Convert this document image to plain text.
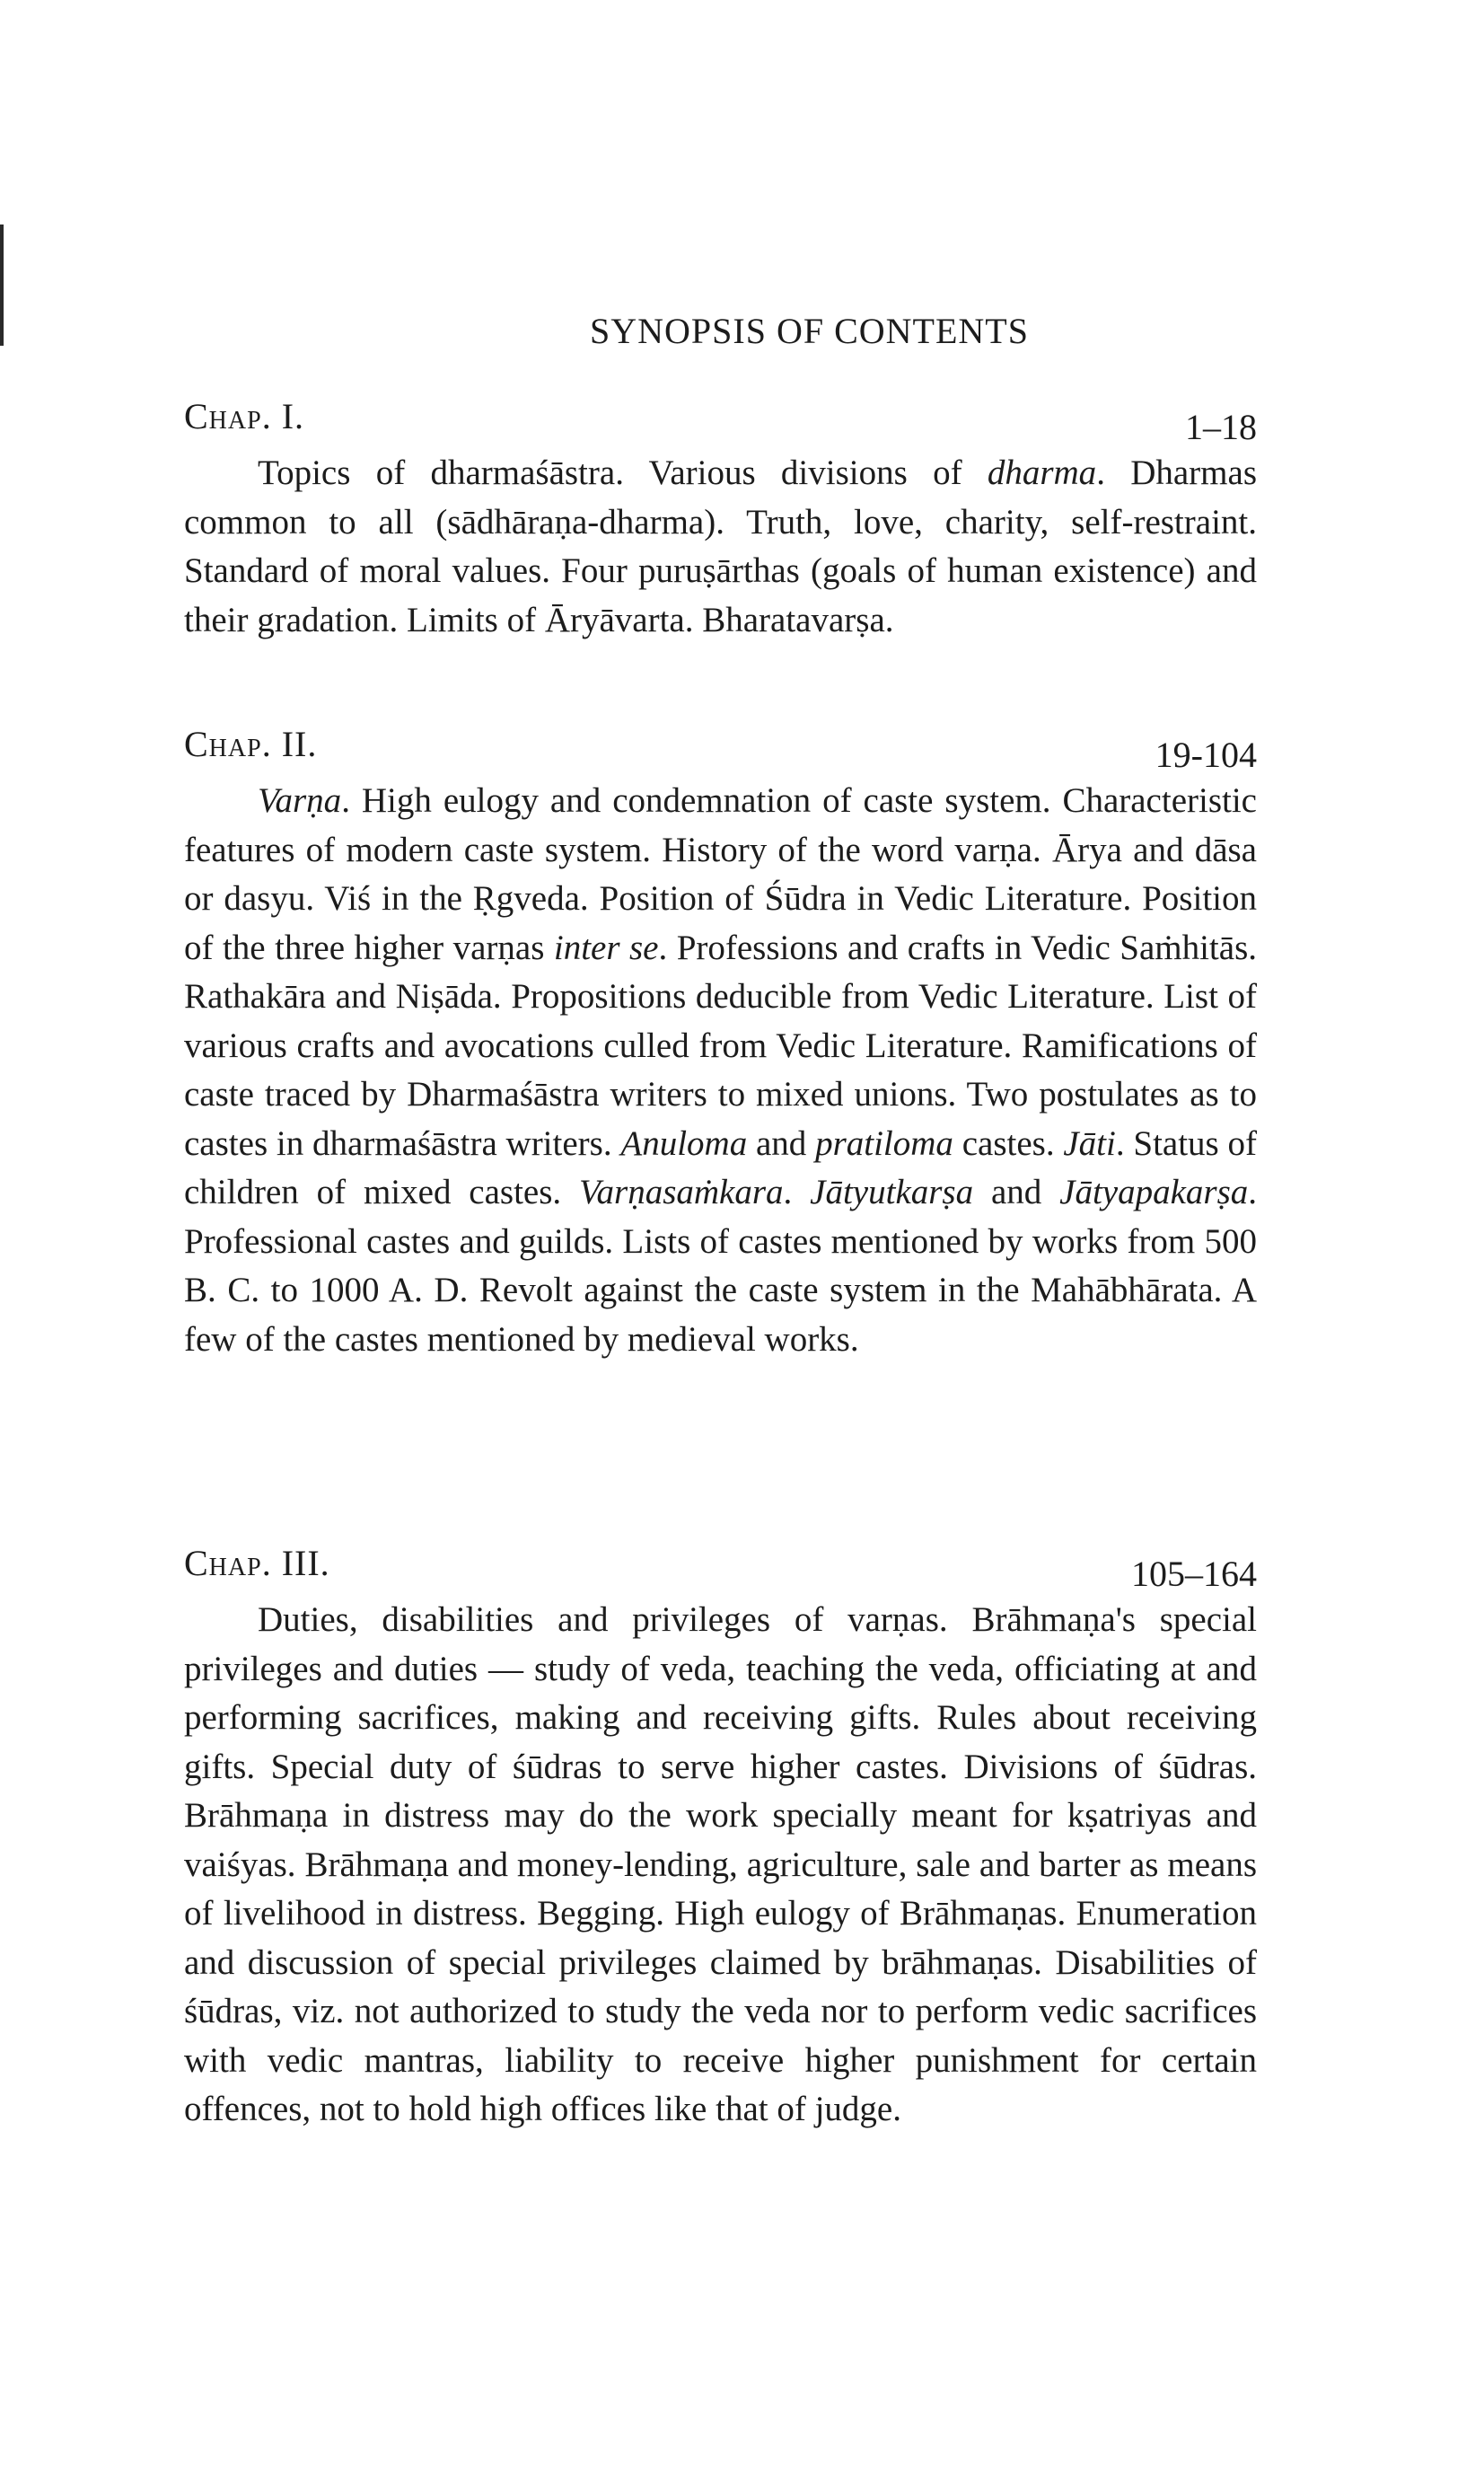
SYNOPSIS OF CONTENTS
Chap. I.	1–18

Topics of dharmaśāstra. Various divisions of dharma. Dharmas common to all (sādhāraṇa-dharma). Truth, love, charity, self-restraint. Standard of moral values. Four puruṣārthas (goals of human existence) and their gradation. Limits of Āryāvarta. Bharatavarṣa.

Chap. II.	19-104

Varṇa. High eulogy and condemnation of caste system. Characteristic features of modern caste system. History of the word varṇa. Ārya and dāsa or dasyu. Viś in the Ṛgveda. Position of Śūdra in Vedic Literature. Position of the three higher varṇas inter se. Professions and crafts in Vedic Saṁhitās. Rathakāra and Niṣāda. Propositions deducible from Vedic Literature. List of various crafts and avocations culled from Vedic Literature. Ramifications of caste traced by Dharmaśāstra writers to mixed unions. Two postulates as to castes in dharmaśāstra writers. Anuloma and pratiloma castes. Jāti. Status of children of mixed castes. Varṇasaṁkara. Jātyutkarṣa and Jātyapakarṣa. Professional castes and guilds. Lists of castes mentioned by works from 500 B. C. to 1000 A. D. Revolt against the caste system in the Mahābhārata. A few of the castes mentioned by medieval works.

Chap. III.	105–164

Duties, disabilities and privileges of varṇas. Brāhmaṇa's special privileges and duties — study of veda, teaching the veda, officiating at and performing sacrifices, making and receiving gifts. Rules about receiving gifts. Special duty of śūdras to serve higher castes. Divisions of śūdras. Brāhmaṇa in distress may do the work specially meant for kṣatriyas and vaiśyas. Brāhmaṇa and money-lending, agriculture, sale and barter as means of livelihood in distress. Begging. High eulogy of Brāhmaṇas. Enumeration and discussion of special privileges claimed by brāhmaṇas. Disabilities of śūdras, viz. not authorized to study the veda nor to perform vedic sacrifices with vedic mantras, liability to receive higher punishment for certain offences, not to hold high offices like that of judge.
